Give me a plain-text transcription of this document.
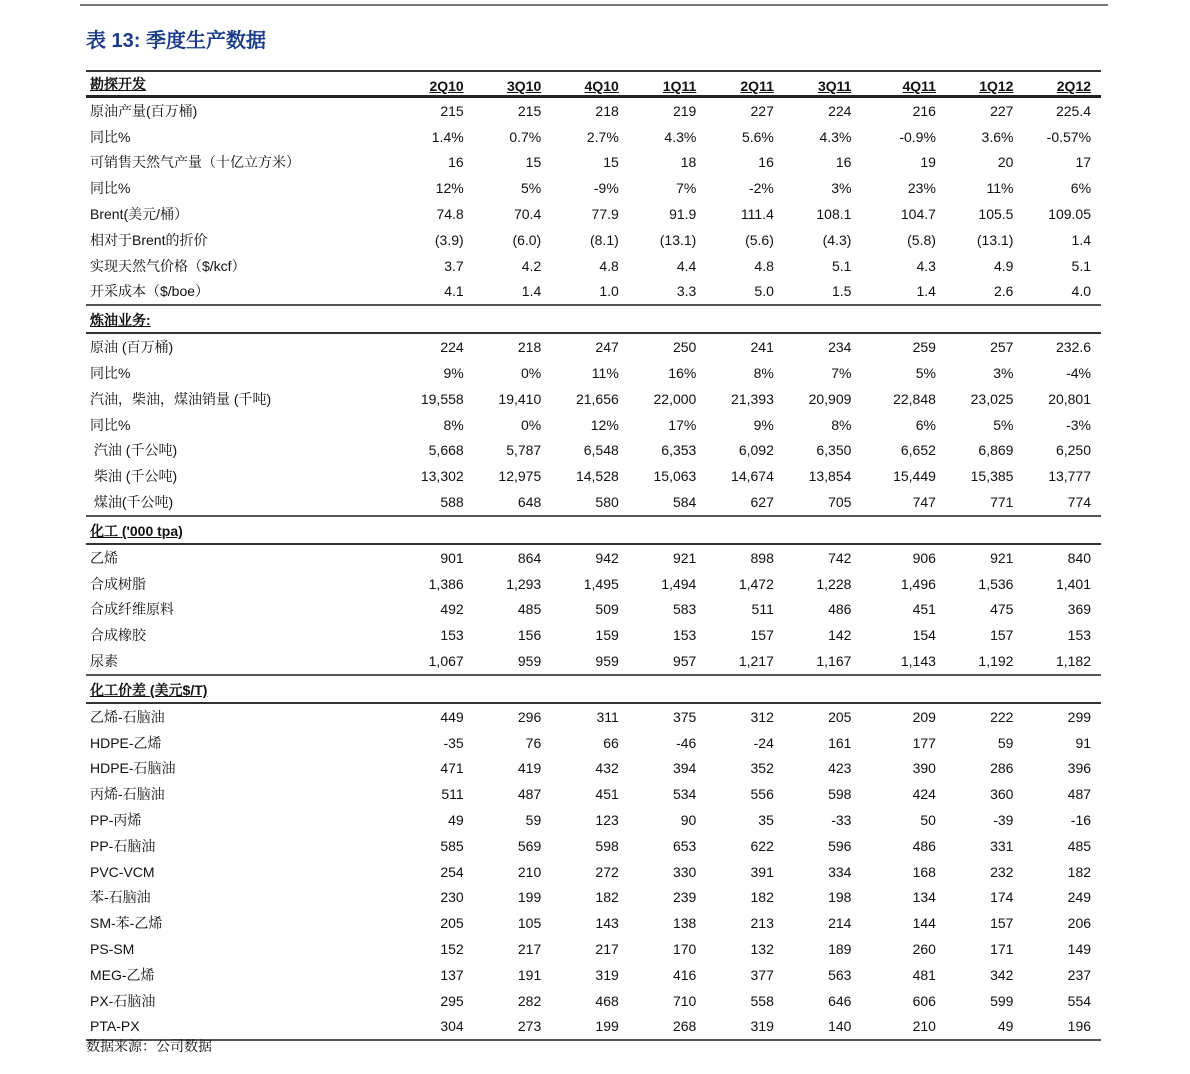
表 13: 季度生产数据
勘探开发	2Q10	3Q10	4Q10	1Q11	2Q11	3Q11	4Q11	1Q12	2Q12
原油产量(百万桶)	215	215	218	219	227	224	216	227	225.4
同比%	1.4%	0.7%	2.7%	4.3%	5.6%	4.3%	-0.9%	3.6%	-0.57%
可销售天然气产量（十亿立方米）	16	15	15	18	16	16	19	20	17
同比%	12%	5%	-9%	7%	-2%	3%	23%	11%	6%
Brent(美元/桶）	74.8	70.4	77.9	91.9	111.4	108.1	104.7	105.5	109.05
相对于Brent的折价	(3.9)	(6.0)	(8.1)	(13.1)	(5.6)	(4.3)	(5.8)	(13.1)	1.4
实现天然气价格（$/kcf）	3.7	4.2	4.8	4.4	4.8	5.1	4.3	4.9	5.1
开采成本（$/boe）	4.1	1.4	1.0	3.3	5.0	1.5	1.4	2.6	4.0
炼油业务:
原油 (百万桶)	224	218	247	250	241	234	259	257	232.6
同比%	9%	0%	11%	16%	8%	7%	5%	3%	-4%
汽油，柴油，煤油销量 (千吨)	19,558	19,410	21,656	22,000	21,393	20,909	22,848	23,025	20,801
同比%	8%	0%	12%	17%	9%	8%	6%	5%	-3%
汽油 (千公吨)	5,668	5,787	6,548	6,353	6,092	6,350	6,652	6,869	6,250
柴油 (千公吨)	13,302	12,975	14,528	15,063	14,674	13,854	15,449	15,385	13,777
煤油(千公吨)	588	648	580	584	627	705	747	771	774
化工 ('000 tpa)
乙烯	901	864	942	921	898	742	906	921	840
合成树脂	1,386	1,293	1,495	1,494	1,472	1,228	1,496	1,536	1,401
合成纤维原料	492	485	509	583	511	486	451	475	369
合成橡胶	153	156	159	153	157	142	154	157	153
尿素	1,067	959	959	957	1,217	1,167	1,143	1,192	1,182
化工价差 (美元$/T)
乙烯-石脑油	449	296	311	375	312	205	209	222	299
HDPE-乙烯	-35	76	66	-46	-24	161	177	59	91
HDPE-石脑油	471	419	432	394	352	423	390	286	396
丙烯-石脑油	511	487	451	534	556	598	424	360	487
PP-丙烯	49	59	123	90	35	-33	50	-39	-16
PP-石脑油	585	569	598	653	622	596	486	331	485
PVC-VCM	254	210	272	330	391	334	168	232	182
苯-石脑油	230	199	182	239	182	198	134	174	249
SM-苯-乙烯	205	105	143	138	213	214	144	157	206
PS-SM	152	217	217	170	132	189	260	171	149
MEG-乙烯	137	191	319	416	377	563	481	342	237
PX-石脑油	295	282	468	710	558	646	606	599	554
PTA-PX	304	273	199	268	319	140	210	49	196
数据来源：公司数据
